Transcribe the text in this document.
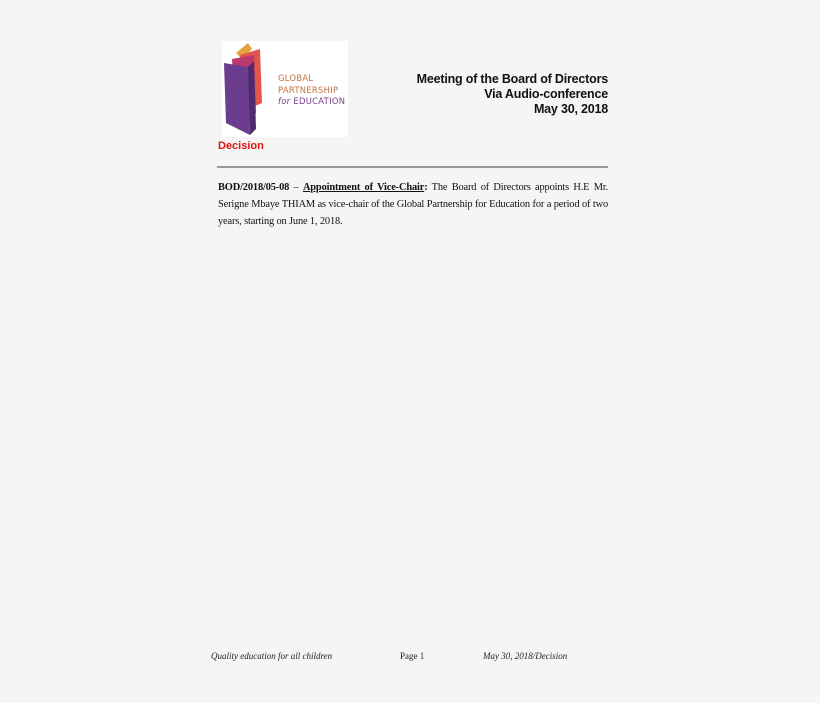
GLOBAL
PARTNERSHIP
for EDUCATION
Meeting of the Board of Directors
Via Audio-conference
May 30, 2018
Decision
BOD/2018/05-08 – Appointment of Vice-Chair: The Board of Directors appoints H.E Mr. Serigne Mbaye THIAM as vice-chair of the Global Partnership for Education for a period of two years, starting on June 1, 2018.
Quality education for all children	Page 1	May 30, 2018/Decision
